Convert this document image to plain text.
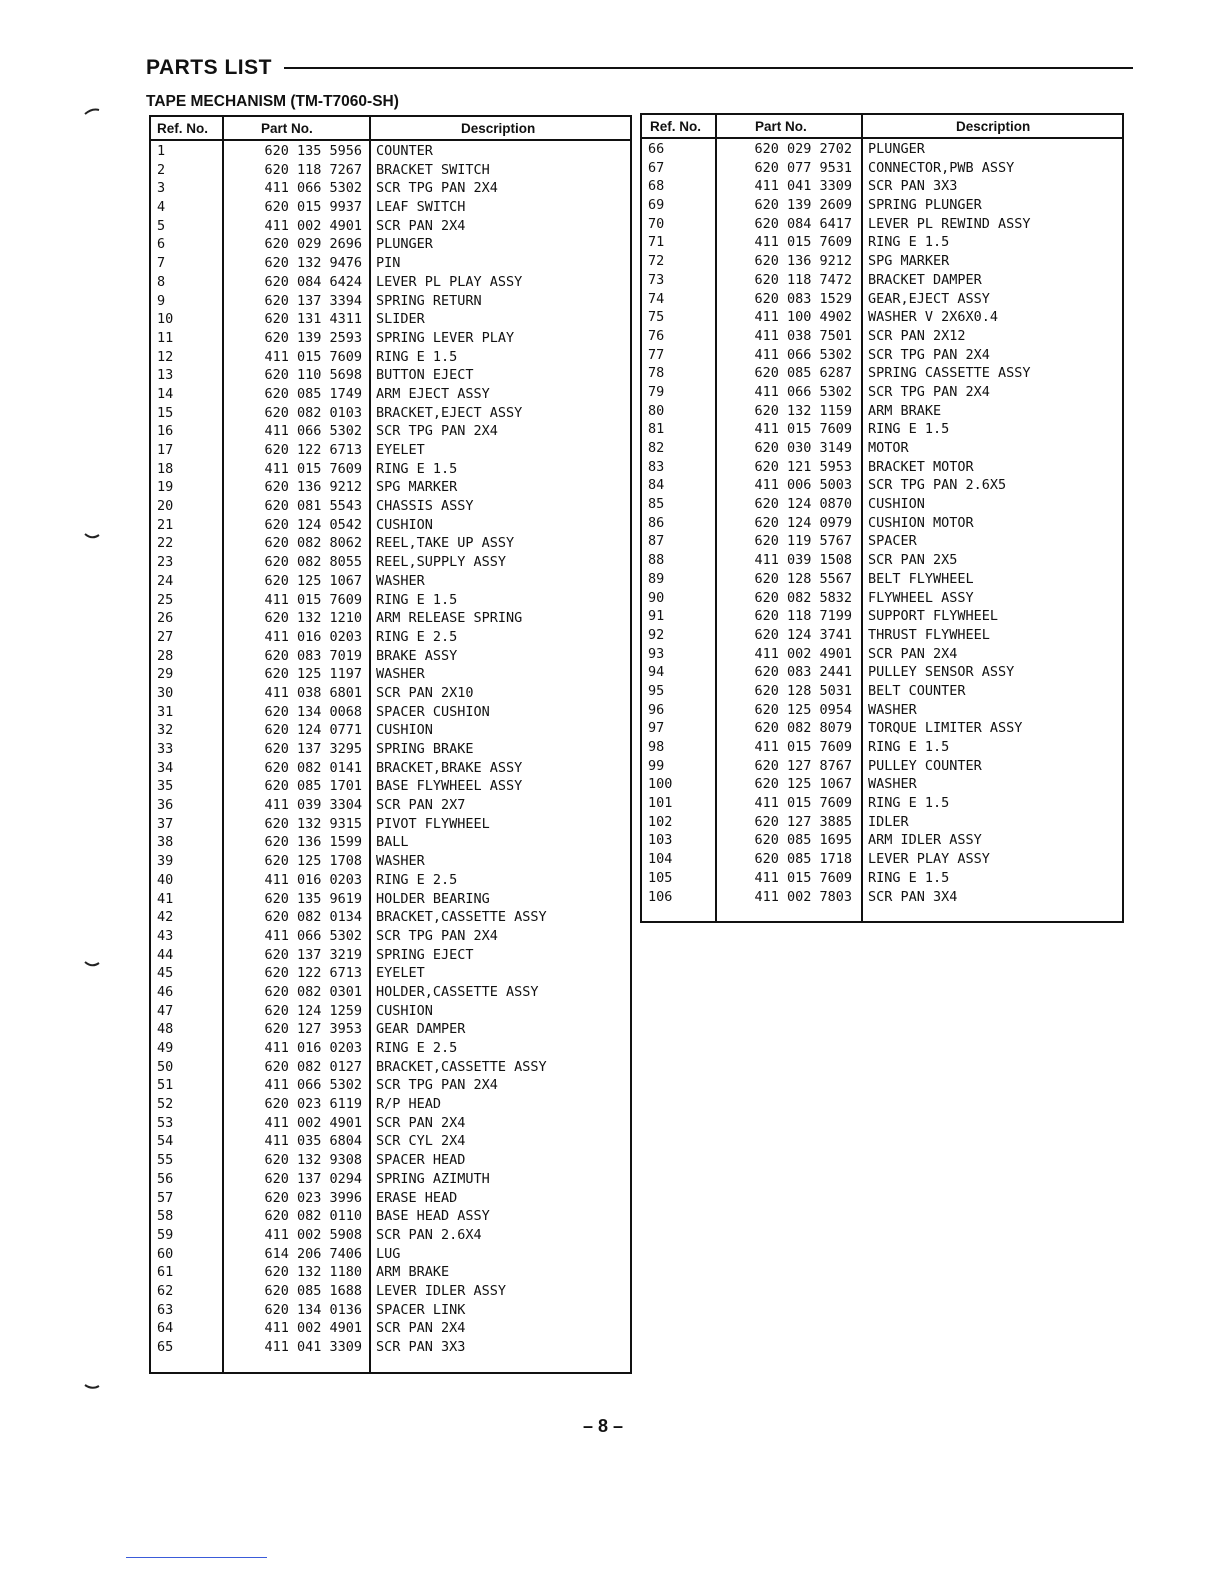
PARTS LIST
TAPE MECHANISM (TM-T7060-SH)
Ref. No.	Part No.	Description
1	620 135 5956 COUNTER
2	620 118 7267 BRACKET SWITCH
3	411 066 5302 SCR TPG PAN 2X4
4	620 015 9937 LEAF SWITCH
5	411 002 4901 SCR PAN 2X4
6	620 029 2696 PLUNGER
7	620 132 9476 PIN
8	620 084 6424 LEVER PL PLAY ASSY
9	620 137 3394 SPRING RETURN
10	620 131 4311 SLIDER
11	620 139 2593 SPRING LEVER PLAY
12	411 015 7609 RING E 1.5
13	620 110 5698 BUTTON EJECT
14	620 085 1749 ARM EJECT ASSY
15	620 082 0103 BRACKET,EJECT ASSY
16	411 066 5302 SCR TPG PAN 2X4
17	620 122 6713 EYELET
18	411 015 7609 RING E 1.5
19	620 136 9212 SPG MARKER
20	620 081 5543 CHASSIS ASSY
21	620 124 0542 CUSHION
22	620 082 8062 REEL,TAKE UP ASSY
23	620 082 8055 REEL,SUPPLY ASSY
24	620 125 1067 WASHER
25	411 015 7609 RING E 1.5
26	620 132 1210 ARM RELEASE SPRING
27	411 016 0203 RING E 2.5
28	620 083 7019 BRAKE ASSY
29	620 125 1197 WASHER
30	411 038 6801 SCR PAN 2X10
31	620 134 0068 SPACER CUSHION
32	620 124 0771 CUSHION
33	620 137 3295 SPRING BRAKE
34	620 082 0141 BRACKET,BRAKE ASSY
35	620 085 1701 BASE FLYWHEEL ASSY
36	411 039 3304 SCR PAN 2X7
37	620 132 9315 PIVOT FLYWHEEL
38	620 136 1599 BALL
39	620 125 1708 WASHER
40	411 016 0203 RING E 2.5
41	620 135 9619 HOLDER BEARING
42	620 082 0134 BRACKET,CASSETTE ASSY
43	411 066 5302 SCR TPG PAN 2X4
44	620 137 3219 SPRING EJECT
45	620 122 6713 EYELET
46	620 082 0301 HOLDER,CASSETTE ASSY
47	620 124 1259 CUSHION
48	620 127 3953 GEAR DAMPER
49	411 016 0203 RING E 2.5
50	620 082 0127 BRACKET,CASSETTE ASSY
51	411 066 5302 SCR TPG PAN 2X4
52	620 023 6119 R/P HEAD
53	411 002 4901 SCR PAN 2X4
54	411 035 6804 SCR CYL 2X4
55	620 132 9308 SPACER HEAD
56	620 137 0294 SPRING AZIMUTH
57	620 023 3996 ERASE HEAD
58	620 082 0110 BASE HEAD ASSY
59	411 002 5908 SCR PAN 2.6X4
60	614 206 7406 LUG
61	620 132 1180 ARM BRAKE
62	620 085 1688 LEVER IDLER ASSY
63	620 134 0136 SPACER LINK
64	411 002 4901 SCR PAN 2X4
65	411 041 3309 SCR PAN 3X3
Ref. No.	Part No.	Description
66	620 029 2702 PLUNGER
67	620 077 9531 CONNECTOR,PWB ASSY
68	411 041 3309 SCR PAN 3X3
69	620 139 2609 SPRING PLUNGER
70	620 084 6417 LEVER PL REWIND ASSY
71	411 015 7609 RING E 1.5
72	620 136 9212 SPG MARKER
73	620 118 7472 BRACKET DAMPER
74	620 083 1529 GEAR,EJECT ASSY
75	411 100 4902 WASHER V 2X6X0.4
76	411 038 7501 SCR PAN 2X12
77	411 066 5302 SCR TPG PAN 2X4
78	620 085 6287 SPRING CASSETTE ASSY
79	411 066 5302 SCR TPG PAN 2X4
80	620 132 1159 ARM BRAKE
81	411 015 7609 RING E 1.5
82	620 030 3149 MOTOR
83	620 121 5953 BRACKET MOTOR
84	411 006 5003 SCR TPG PAN 2.6X5
85	620 124 0870 CUSHION
86	620 124 0979 CUSHION MOTOR
87	620 119 5767 SPACER
88	411 039 1508 SCR PAN 2X5
89	620 128 5567 BELT FLYWHEEL
90	620 082 5832 FLYWHEEL ASSY
91	620 118 7199 SUPPORT FLYWHEEL
92	620 124 3741 THRUST FLYWHEEL
93	411 002 4901 SCR PAN 2X4
94	620 083 2441 PULLEY SENSOR ASSY
95	620 128 5031 BELT COUNTER
96	620 125 0954 WASHER
97	620 082 8079 TORQUE LIMITER ASSY
98	411 015 7609 RING E 1.5
99	620 127 8767 PULLEY COUNTER
100	620 125 1067 WASHER
101	411 015 7609 RING E 1.5
102	620 127 3885 IDLER
103	620 085 1695 ARM IDLER ASSY
104	620 085 1718 LEVER PLAY ASSY
105	411 015 7609 RING E 1.5
106	411 002 7803 SCR PAN 3X4
– 8 –
